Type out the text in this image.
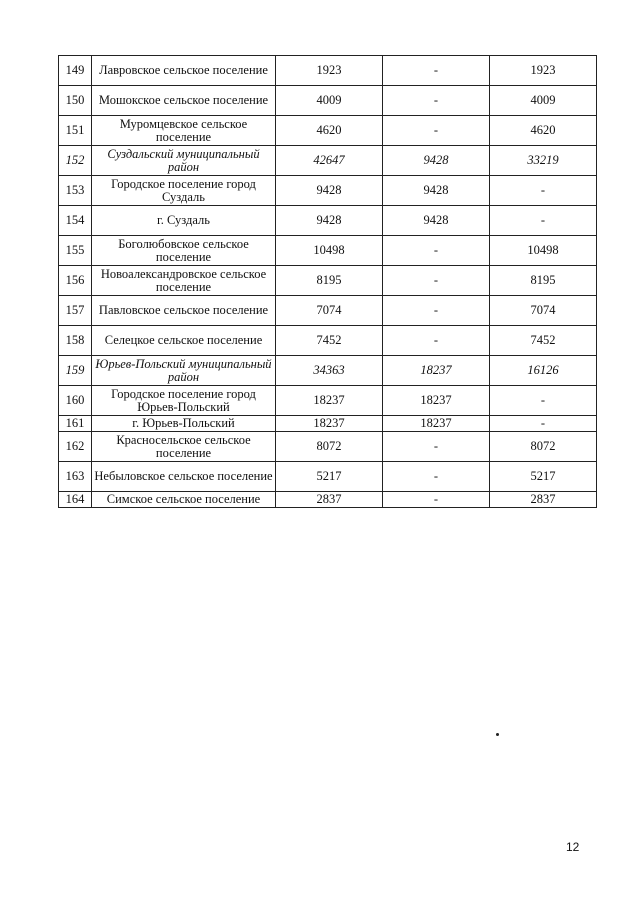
149	Лавровское сельское поселение	1923	-	1923
150	Мошокское сельское поселение	4009	-	4009
151	Муромцевское сельское поселение	4620	-	4620
152	Суздальский муниципальный район	42647	9428	33219
153	Городское поселение город Суздаль	9428	9428	-
154	г. Суздаль	9428	9428	-
155	Боголюбовское сельское поселение	10498	-	10498
156	Новоалександровское сельское поселение	8195	-	8195
157	Павловское сельское поселение	7074	-	7074
158	Селецкое сельское поселение	7452	-	7452
159	Юрьев-Польский муниципальный район	34363	18237	16126
160	Городское поселение город Юрьев-Польский	18237	18237	-
161	г. Юрьев-Польский	18237	18237	-
162	Красносельское сельское поселение	8072	-	8072
163	Небыловское сельское поселение	5217	-	5217
164	Симское сельское поселение	2837	-	2837
12
